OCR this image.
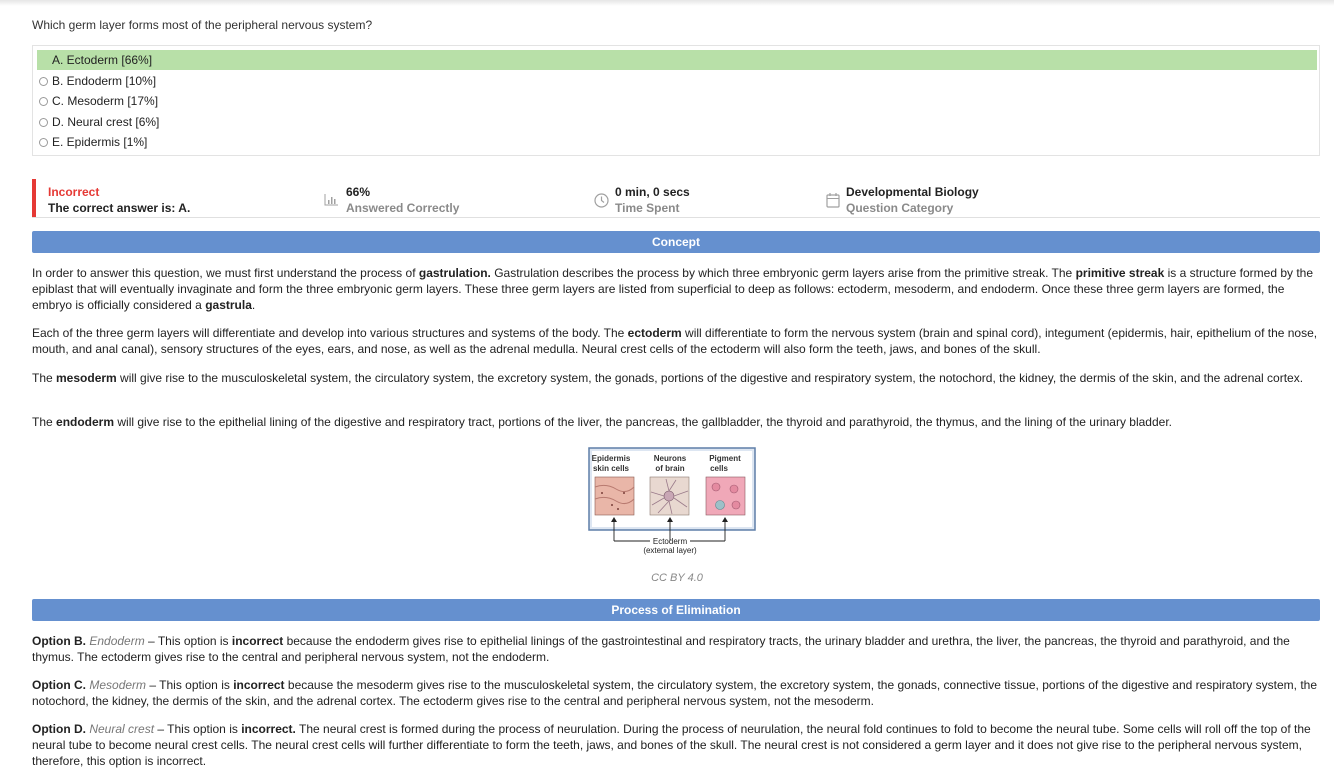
Which germ layer forms most of the peripheral nervous system?
A. Ectoderm [66%]
B. Endoderm [10%]
C. Mesoderm [17%]
D. Neural crest [6%]
E. Epidermis [1%]
Incorrect
The correct answer is: A.
66%
Answered Correctly
0 min, 0 secs
Time Spent
Developmental Biology
Question Category
Concept
In order to answer this question, we must first understand the process of gastrulation. Gastrulation describes the process by which three embryonic germ layers arise from the primitive streak. The primitive streak is a structure formed by the epiblast that will eventually invaginate and form the three embryonic germ layers. These three germ layers are listed from superficial to deep as follows: ectoderm, mesoderm, and endoderm. Once these three germ layers are formed, the embryo is officially considered a gastrula.
Each of the three germ layers will differentiate and develop into various structures and systems of the body. The ectoderm will differentiate to form the nervous system (brain and spinal cord), integument (epidermis, hair, epithelium of the nose, mouth, and anal canal), sensory structures of the eyes, ears, and nose, as well as the adrenal medulla. Neural crest cells of the ectoderm will also form the teeth, jaws, and bones of the skull.
The mesoderm will give rise to the musculoskeletal system, the circulatory system, the excretory system, the gonads, portions of the digestive and respiratory system, the notochord, the kidney, the dermis of the skin, and the adrenal cortex.
The endoderm will give rise to the epithelial lining of the digestive and respiratory tract, portions of the liver, the pancreas, the gallbladder, the thyroid and parathyroid, the thymus, and the lining of the urinary bladder.
Epidermis
skin cells
Neurons
of brain
Pigment
cells
Ectoderm
(external layer)
CC BY 4.0
Process of Elimination
Option B. Endoderm – This option is incorrect because the endoderm gives rise to epithelial linings of the gastrointestinal and respiratory tracts, the urinary bladder and urethra, the liver, the pancreas, the thyroid and parathyroid, and the thymus. The ectoderm gives rise to the central and peripheral nervous system, not the endoderm.
Option C. Mesoderm – This option is incorrect because the mesoderm gives rise to the musculoskeletal system, the circulatory system, the excretory system, the gonads, connective tissue, portions of the digestive and respiratory system, the notochord, the kidney, the dermis of the skin, and the adrenal cortex. The ectoderm gives rise to the central and peripheral nervous system, not the mesoderm.
Option D. Neural crest – This option is incorrect. The neural crest is formed during the process of neurulation. During the process of neurulation, the neural fold continues to fold to become the neural tube. Some cells will roll off the top of the neural tube to become neural crest cells. The neural crest cells will further differentiate to form the teeth, jaws, and bones of the skull. The neural crest is not considered a germ layer and it does not give rise to the peripheral nervous system, therefore, this option is incorrect.
